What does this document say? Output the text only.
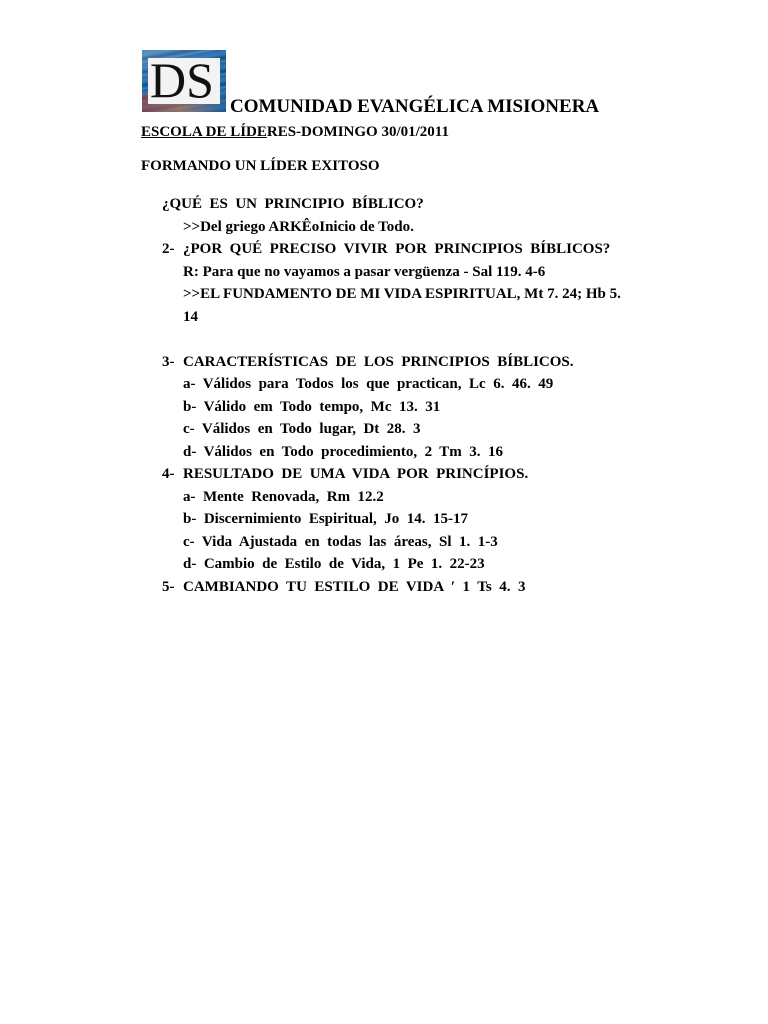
DS COMUNIDAD EVANGÉLICA MISIONERA
ESCOLA DE LÍDERES-DOMINGO 30/01/2011
FORMANDO UN LÍDER EXITOSO
¿QUÉ  ES  UN  PRINCIPIO  BÍBLICO?
>>Del griego ARKÊoInicio de Todo.
2- ¿POR  QUÉ  PRECISO  VIVIR  POR  PRINCIPIOS  BÍBLICOS?
R: Para que no vayamos a pasar vergüenza - Sal 119. 4-6
>>EL FUNDAMENTO DE MI VIDA ESPIRITUAL, Mt 7. 24; Hb 5.
14
3- CARACTERÍSTICAS  DE  LOS  PRINCIPIOS  BÍBLICOS.
a-  Válidos  para  Todos  los  que  practican,  Lc  6.  46.  49
b-  Válido  em  Todo  tempo,  Mc  13.  31
c-  Válidos  en  Todo  lugar,  Dt  28.  3
d-  Válidos  en  Todo  procedimiento,  2  Tm  3.  16
4- RESULTADO  DE  UMA  VIDA  POR  PRINCÍPIOS.
a-  Mente  Renovada,  Rm  12.2
b-  Discernimiento  Espiritual,  Jo  14.  15-17
c-  Vida  Ajustada  en  todas  las  áreas,  Sl  1.  1-3
d-  Cambio  de  Estilo  de  Vida,  1  Pe  1.  22-23
5- CAMBIANDO  TU  ESTILO  DE  VIDA  ʹ  1  Ts  4.  3
